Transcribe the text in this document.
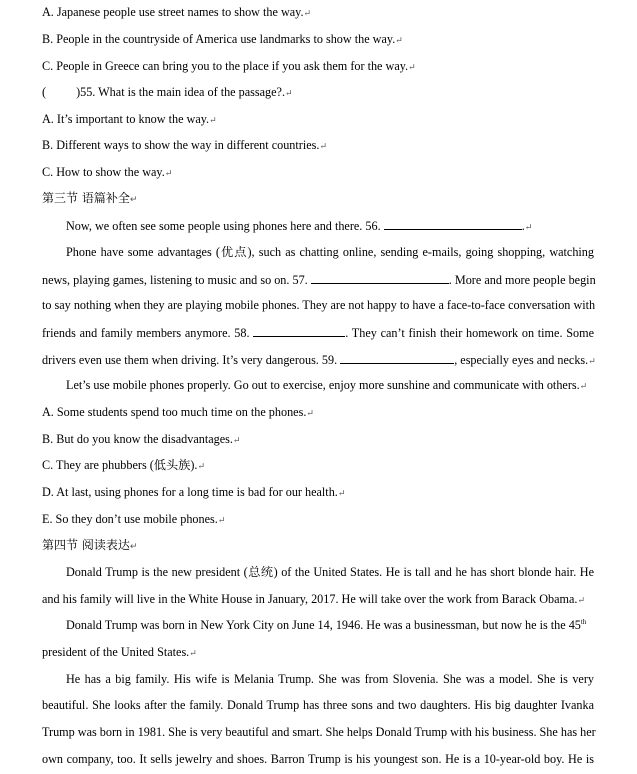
A. Japanese people use street names to show the way.↵
B. People in the countryside of America use landmarks to show the way.↵
C. People in Greece can bring you to the place if you ask them for the way.↵
( )55. What is the main idea of the passage?.↵
A. It’s important to know the way.↵
B. Different ways to show the way in different countries.↵
C. How to show the way.↵
第三节 语篇补全↵
Now, we often see some people using phones here and there. 56.	.↵
Phone have some advantages (优点), such as chatting online, sending e-mails, going shopping, watching
news, playing games, listening to music and so on. 57.	. More and more people begin
to say nothing when they are playing mobile phones. They are not happy to have a face-to-face conversation with
friends and family members anymore. 58.	. They can’t finish their homework on time. Some
drivers even use them when driving. It’s very dangerous. 59.	, especially eyes and necks.↵
Let’s use mobile phones properly. Go out to exercise, enjoy more sunshine and communicate with others.↵
A. Some students spend too much time on the phones.↵
B. But do you know the disadvantages.↵
C. They are phubbers (低头族).↵
D. At last, using phones for a long time is bad for our health.↵
E. So they don’t use mobile phones.↵
第四节 阅读表达↵
Donald Trump is the new president (总统) of the United States. He is tall and he has short blonde hair. He
and his family will live in the White House in January, 2017. He will take over the work from Barack Obama.↵
Donald Trump was born in New York City on June 14, 1946. He was a businessman, but now he is the 45th
president of the United States.↵
He has a big family. His wife is Melania Trump. She was from Slovenia. She was a model. She is very
beautiful. She looks after the family. Donald Trump has three sons and two daughters. His big daughter Ivanka
Trump was born in 1981. She is very beautiful and smart. She helps Donald Trump with his business. She has her
own company, too. It sells jewelry and shoes. Barron Trump is his youngest son. He is a 10-year-old boy. He is
